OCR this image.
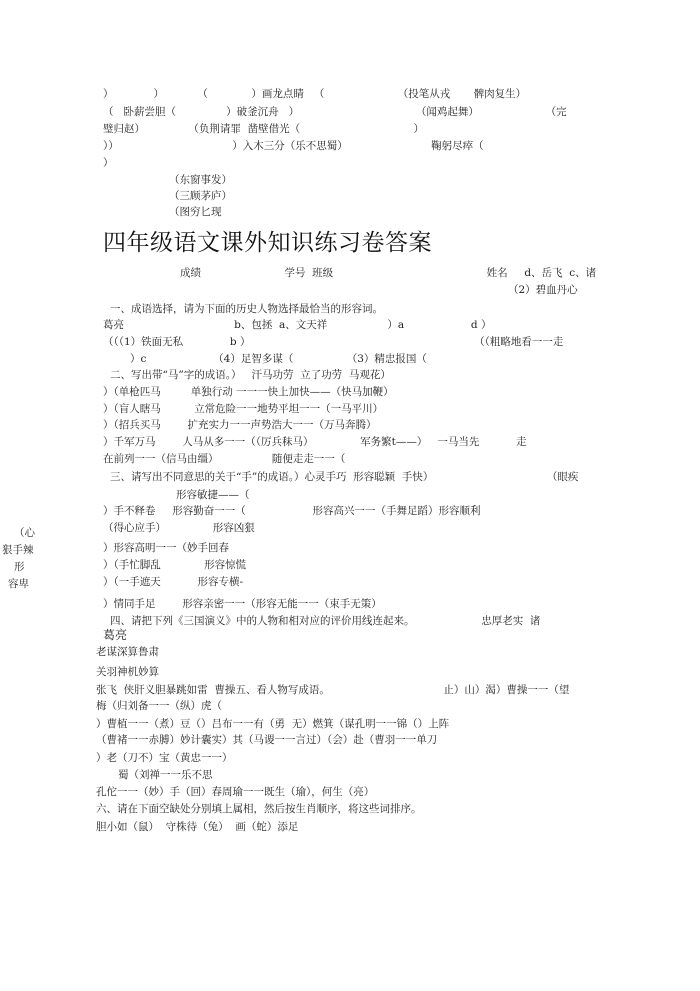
）            ）          （             ）画龙点睛   （                      （投笔从戎       髀肉复生）
（   卧薪尝胆（               ）破釜沉舟   ）                                   （闻鸡起舞）                    （完
璧归赵）             （负荆请罪  凿壁借光（                                  ）
））                                  ）入木三分（乐不思蜀）                         鞠躬尽瘁（
）
（东窗事发）
（三顾茅庐）
（图穷匕现
四年级语文课外知识练习卷答案
成绩                         学号  班级                                              姓名     d、岳飞  c、诸
（2）碧血丹心
一、成语选择，请为下面的历史人物选择最恰当的形容词。
葛亮                                 b、包拯  a、文天祥                  ）a                    d ）
（（（1）铁面无私              b ）                                                                   （（粗略地看一一走
）c                    （4）足智多谋（                （3）精忠报国（
二、写出带“马”字的成语。）   汗马功劳  立了功劳  马观花）
）（单枪匹马         单独行动 一一一快上加快——（快马加鞭）
）（盲人瞎马          立常危险一一地势平坦一一（一马平川）
）（招兵买马        扩充实力一一声势浩大一一（万马奔腾）
）千军万马        人马从多一一（（厉兵秣马）              军务繁t——）   一马当先           走
在前列一一（信马由缰）                随便走走一一（
三、请写出不同意思的关于“手”的成语。）心灵手巧  形容聪颖  手快）                                  （眼疾
形容敏捷——（
）手不释卷     形容勤奋一一（                    形容高兴一一（手舞足蹈）形容顺利
（得心应手）              形容凶狠
）形容高明一一（妙手回春
）（手忙脚乱             形容惊慌
）（一手遮天           形容专横-
）情同手足        形容亲密一一（形容无能一一（束手无策）
四、请把下列《三国演义》中的人物和相对应的评价用线连起来。                    忠厚老实  诸
葛亮
老谋深算鲁肃
关羽神机妙算
张飞  侠肝义胆暴跳如雷  曹操五、看人物写成语。                                  止）山）渴）曹操一一（望
梅（归刘备一一（纵）虎（
）曹植一一（煮）豆（）吕布一一有（勇  无）燃箕（谋孔明一一锦（）上阵
（曹褚一一赤膊）妙计囊实）其（马谡一一言过）（会）赴（曹羽一一单刀
）老（刀不）宝（黄忠一一）
蜀（刘禅一一乐不思
孔佗一一（妙）手（回）春周瑜一一既生（瑜），何生（亮）
六、请在下面空缺处分别填上属相，然后按生肖顺序，将这些词排序。
胆小如（鼠）  守株待（兔）  画（蛇）添足
（心
狠手辣
形
容卑
